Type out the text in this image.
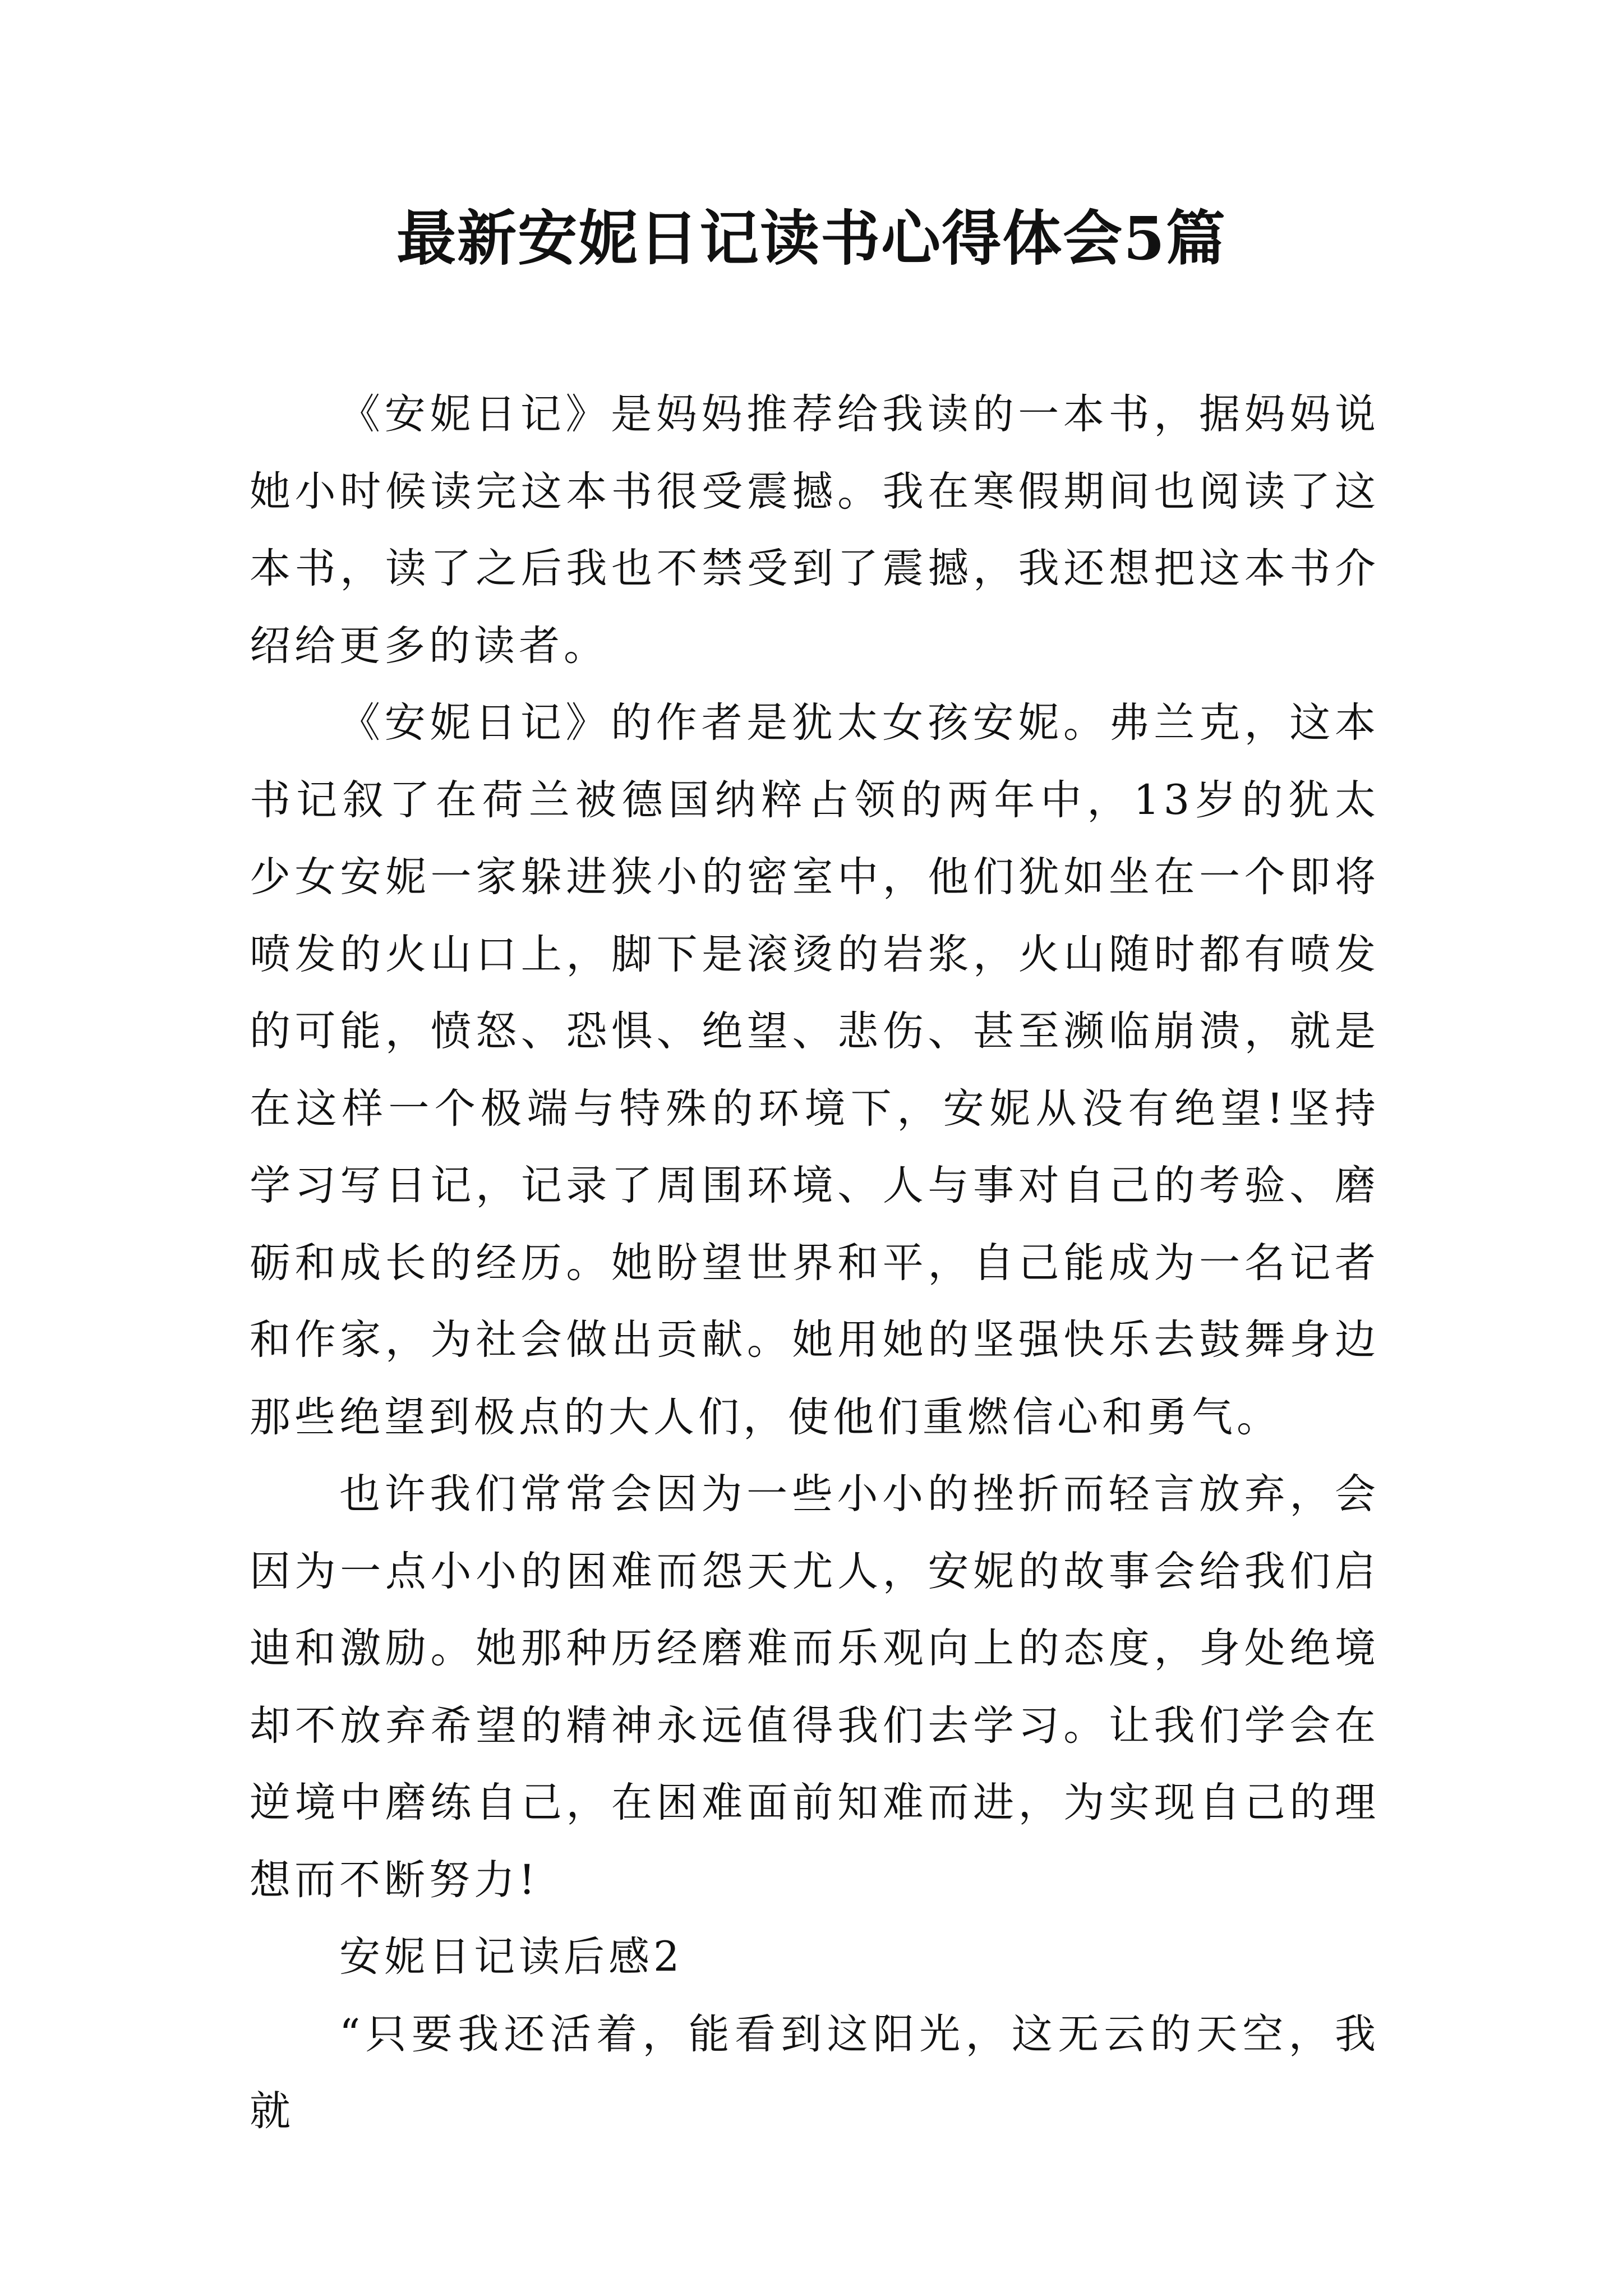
最新安妮日记读书心得体会5篇

《安妮日记》是妈妈推荐给我读的一本书，据妈妈说她小时候读完这本书很受震撼。我在寒假期间也阅读了这本书，读了之后我也不禁受到了震撼，我还想把这本书介绍给更多的读者。

《安妮日记》的作者是犹太女孩安妮。弗兰克，这本书记叙了在荷兰被德国纳粹占领的两年中，13岁的犹太少女安妮一家躲进狭小的密室中，他们犹如坐在一个即将喷发的火山口上，脚下是滚烫的岩浆，火山随时都有喷发的可能，愤怒、恐惧、绝望、悲伤、甚至濒临崩溃，就是在这样一个极端与特殊的环境下，安妮从没有绝望!坚持学习写日记，记录了周围环境、人与事对自己的考验、磨砺和成长的经历。她盼望世界和平，自己能成为一名记者和作家，为社会做出贡献。她用她的坚强快乐去鼓舞身边那些绝望到极点的大人们，使他们重燃信心和勇气。

也许我们常常会因为一些小小的挫折而轻言放弃，会因为一点小小的困难而怨天尤人，安妮的故事会给我们启迪和激励。她那种历经磨难而乐观向上的态度，身处绝境却不放弃希望的精神永远值得我们去学习。让我们学会在逆境中磨练自己，在困难面前知难而进，为实现自己的理想而不断努力!

安妮日记读后感2

“只要我还活着，能看到这阳光，这无云的天空，我就
